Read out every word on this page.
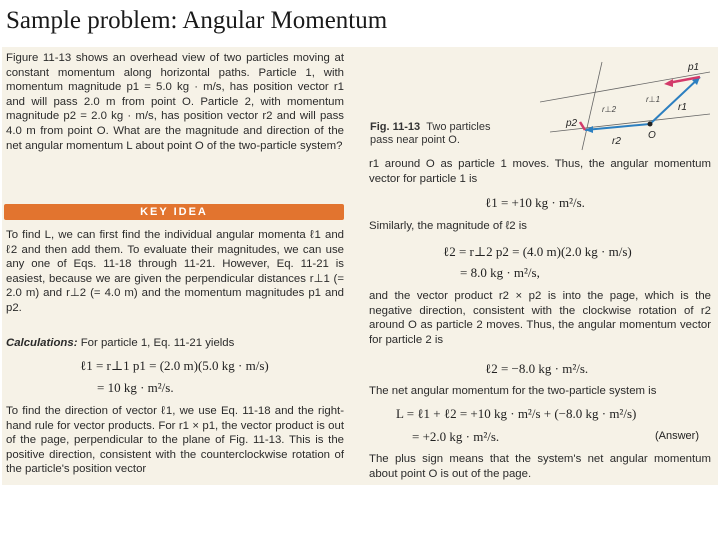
Sample problem: Angular Momentum
Figure 11-13 shows an overhead view of two particles moving at constant momentum along horizontal paths. Particle 1, with momentum magnitude p1 = 5.0 kg · m/s, has position vector r1 and will pass 2.0 m from point O. Particle 2, with momentum magnitude p2 = 2.0 kg · m/s, has position vector r2 and will pass 4.0 m from point O. What are the magnitude and direction of the net angular momentum L about point O of the two-particle system?
KEY IDEA
To find L, we can first find the individual angular momenta ℓ1 and ℓ2 and then add them. To evaluate their magnitudes, we can use any one of Eqs. 11-18 through 11-21. However, Eq. 11-21 is easiest, because we are given the perpendicular distances r⊥1 (= 2.0 m) and r⊥2 (= 4.0 m) and the momentum magnitudes p1 and p2.
Calculations: For particle 1, Eq. 11-21 yields
ℓ1 = r⊥1 p1 = (2.0 m)(5.0 kg · m/s)
= 10 kg · m²/s.
To find the direction of vector ℓ1, we use Eq. 11-18 and the right-hand rule for vector products. For r1 × p1, the vector product is out of the page, perpendicular to the plane of Fig. 11-13. This is the positive direction, consistent with the counterclockwise rotation of the particle's position vector
p1
r1
p2
r2
O
r⊥1
r⊥2
Fig. 11-13 Two particles
pass near point O.
r1 around O as particle 1 moves. Thus, the angular momentum vector for particle 1 is
ℓ1 = +10 kg · m²/s.
Similarly, the magnitude of ℓ2 is
ℓ2 = r⊥2 p2 = (4.0 m)(2.0 kg · m/s)
= 8.0 kg · m²/s,
and the vector product r2 × p2 is into the page, which is the negative direction, consistent with the clockwise rotation of r2 around O as particle 2 moves. Thus, the angular momentum vector for particle 2 is
ℓ2 = −8.0 kg · m²/s.
The net angular momentum for the two-particle system is
L = ℓ1 + ℓ2 = +10 kg · m²/s + (−8.0 kg · m²/s)
= +2.0 kg · m²/s.	(Answer)
The plus sign means that the system's net angular momentum about point O is out of the page.
